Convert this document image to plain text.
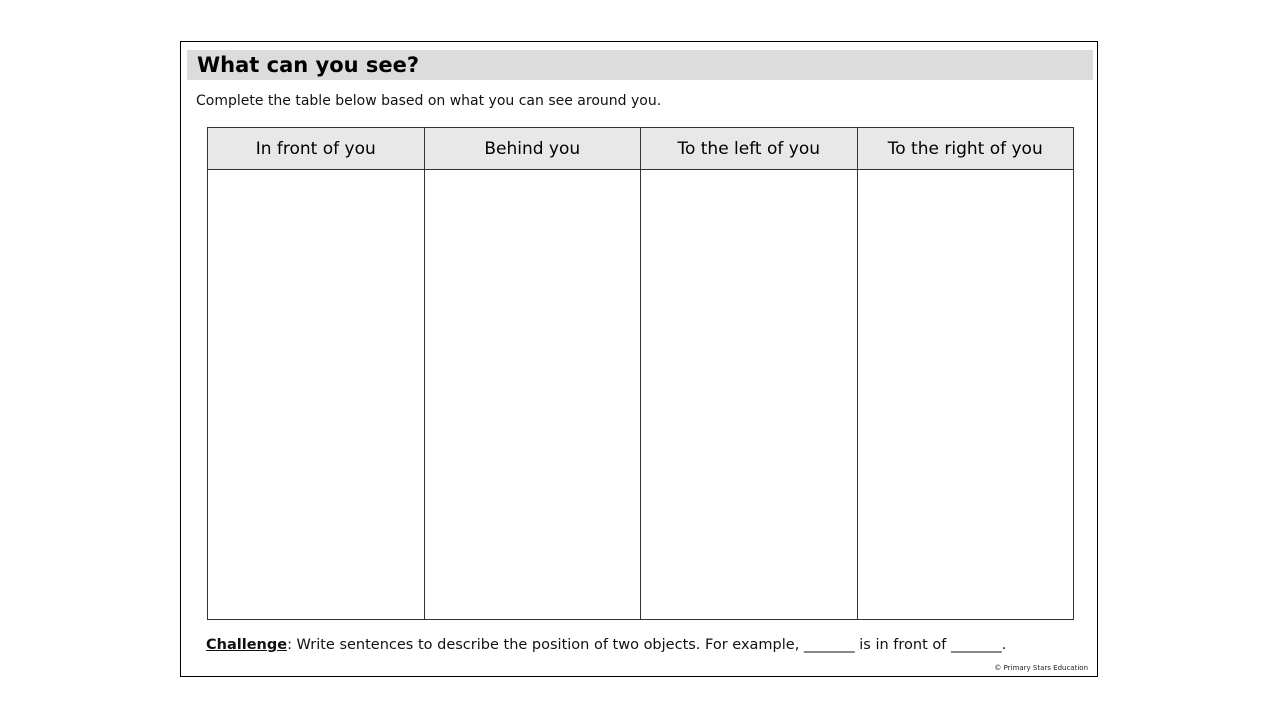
What can you see?
Complete the table below based on what you can see around you.
In front of you	Behind you	To the left of you	To the right of you
Challenge: Write sentences to describe the position of two objects. For example, _______ is in front of _______.
© Primary Stars Education
